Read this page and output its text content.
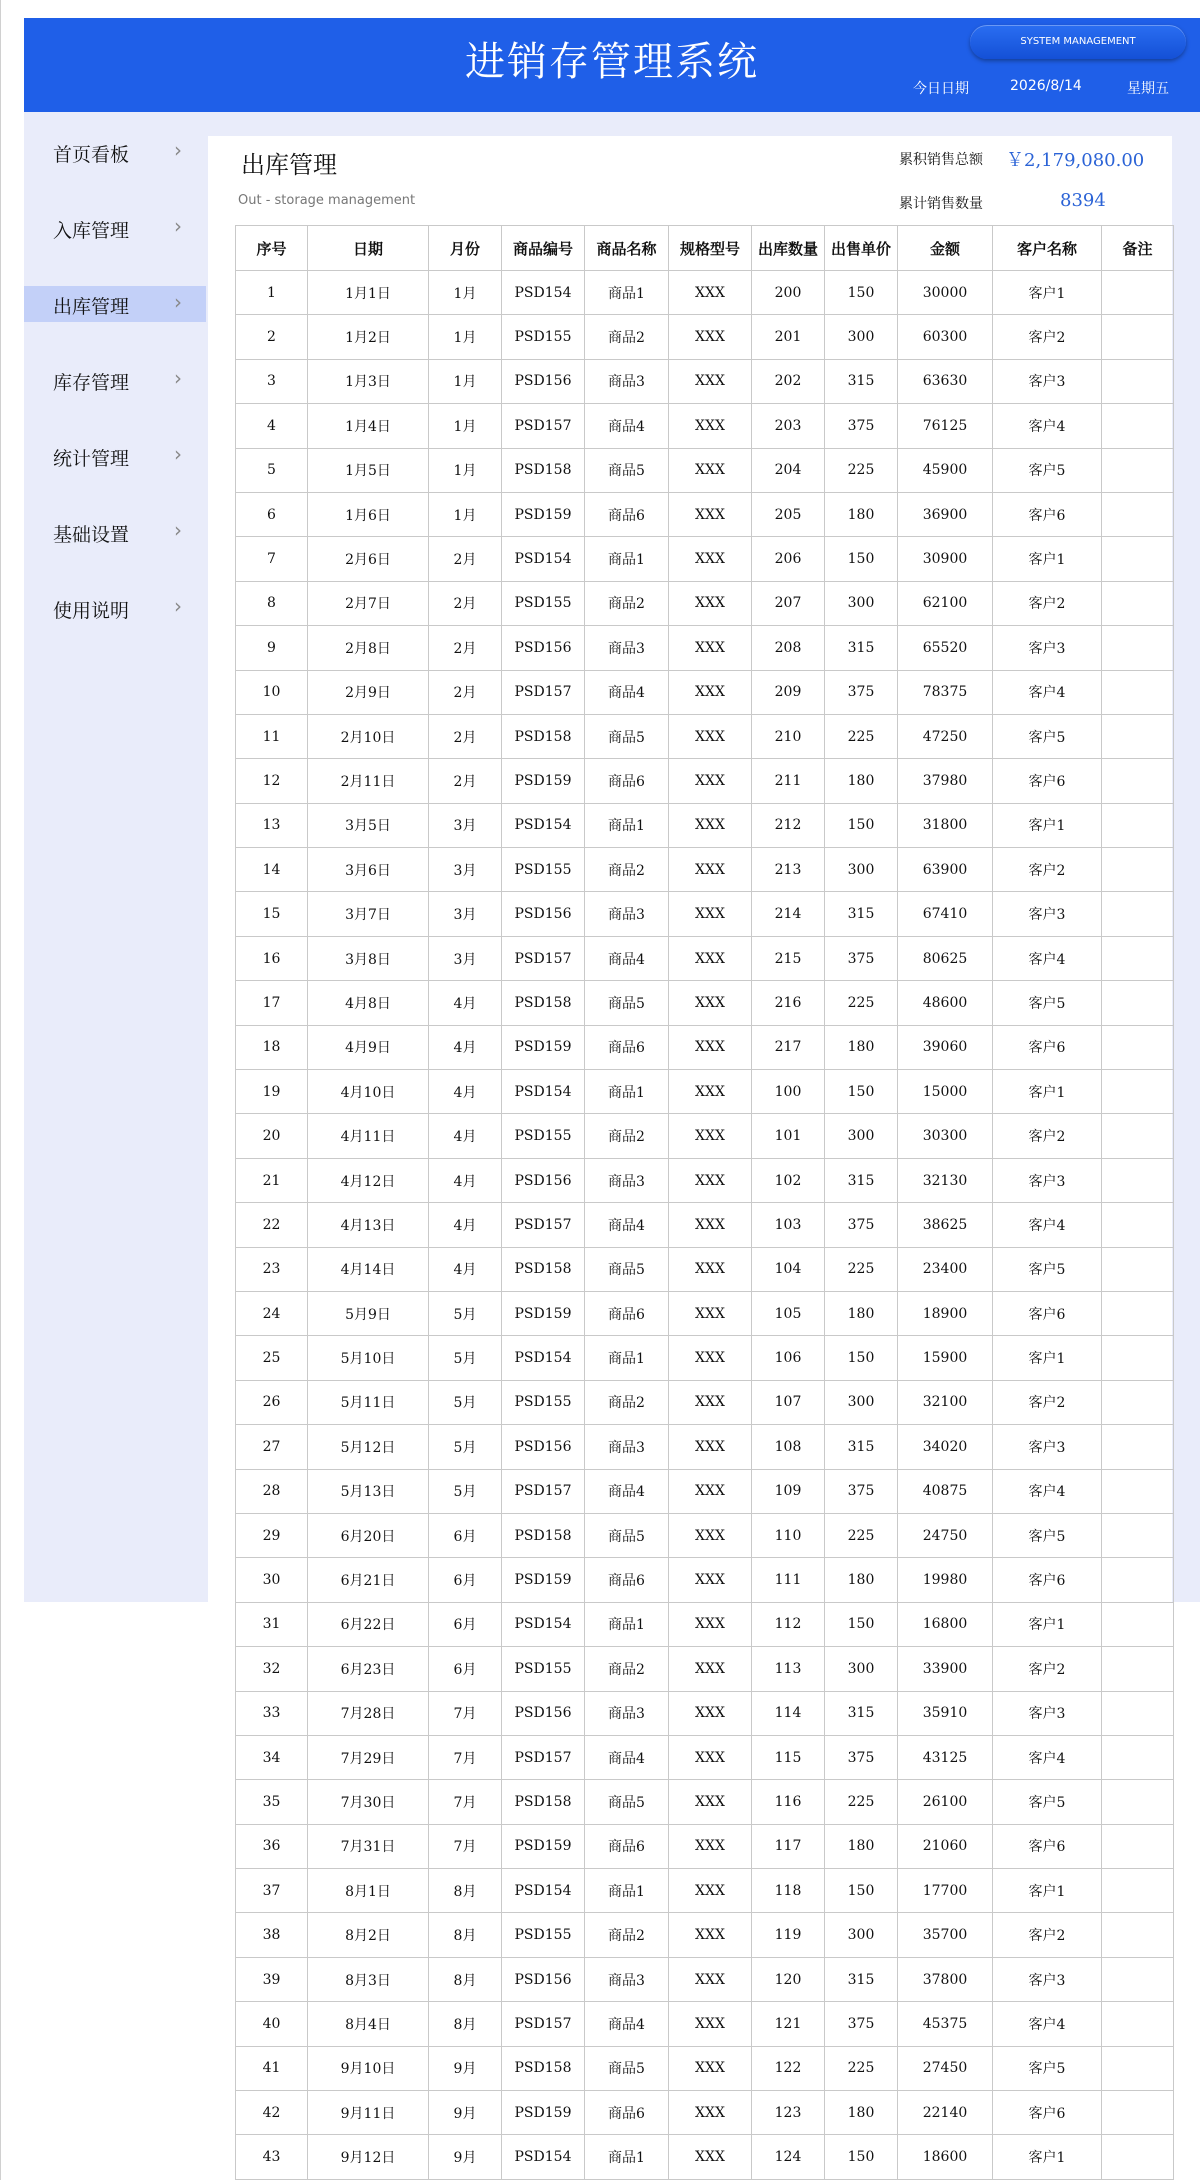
进销存管理系统	SYSTEM MANAGEMENT
今日日期	2026/8/14	星期五
首页看板 ›
入库管理 ›
出库管理 ›
库存管理 ›
统计管理 ›
基础设置 ›
使用说明 ›
出库管理
Out - storage management
累积销售总额 ￥2,179,080.00
累计销售数量	8394
序号	日期	月份	商品编号	商品名称	规格型号	出库数量	出售单价	金额	客户名称	备注
1	1月1日	1月	PSD154	商品1	XXX	200	150	30000	客户1	
2	1月2日	1月	PSD155	商品2	XXX	201	300	60300	客户2	
3	1月3日	1月	PSD156	商品3	XXX	202	315	63630	客户3	
4	1月4日	1月	PSD157	商品4	XXX	203	375	76125	客户4	
5	1月5日	1月	PSD158	商品5	XXX	204	225	45900	客户5	
6	1月6日	1月	PSD159	商品6	XXX	205	180	36900	客户6	
7	2月6日	2月	PSD154	商品1	XXX	206	150	30900	客户1	
8	2月7日	2月	PSD155	商品2	XXX	207	300	62100	客户2	
9	2月8日	2月	PSD156	商品3	XXX	208	315	65520	客户3	
10	2月9日	2月	PSD157	商品4	XXX	209	375	78375	客户4	
11	2月10日	2月	PSD158	商品5	XXX	210	225	47250	客户5	
12	2月11日	2月	PSD159	商品6	XXX	211	180	37980	客户6	
13	3月5日	3月	PSD154	商品1	XXX	212	150	31800	客户1	
14	3月6日	3月	PSD155	商品2	XXX	213	300	63900	客户2	
15	3月7日	3月	PSD156	商品3	XXX	214	315	67410	客户3	
16	3月8日	3月	PSD157	商品4	XXX	215	375	80625	客户4	
17	4月8日	4月	PSD158	商品5	XXX	216	225	48600	客户5	
18	4月9日	4月	PSD159	商品6	XXX	217	180	39060	客户6	
19	4月10日	4月	PSD154	商品1	XXX	100	150	15000	客户1	
20	4月11日	4月	PSD155	商品2	XXX	101	300	30300	客户2	
21	4月12日	4月	PSD156	商品3	XXX	102	315	32130	客户3	
22	4月13日	4月	PSD157	商品4	XXX	103	375	38625	客户4	
23	4月14日	4月	PSD158	商品5	XXX	104	225	23400	客户5	
24	5月9日	5月	PSD159	商品6	XXX	105	180	18900	客户6	
25	5月10日	5月	PSD154	商品1	XXX	106	150	15900	客户1	
26	5月11日	5月	PSD155	商品2	XXX	107	300	32100	客户2	
27	5月12日	5月	PSD156	商品3	XXX	108	315	34020	客户3	
28	5月13日	5月	PSD157	商品4	XXX	109	375	40875	客户4	
29	6月20日	6月	PSD158	商品5	XXX	110	225	24750	客户5	
30	6月21日	6月	PSD159	商品6	XXX	111	180	19980	客户6	
31	6月22日	6月	PSD154	商品1	XXX	112	150	16800	客户1	
32	6月23日	6月	PSD155	商品2	XXX	113	300	33900	客户2	
33	7月28日	7月	PSD156	商品3	XXX	114	315	35910	客户3	
34	7月29日	7月	PSD157	商品4	XXX	115	375	43125	客户4	
35	7月30日	7月	PSD158	商品5	XXX	116	225	26100	客户5	
36	7月31日	7月	PSD159	商品6	XXX	117	180	21060	客户6	
37	8月1日	8月	PSD154	商品1	XXX	118	150	17700	客户1	
38	8月2日	8月	PSD155	商品2	XXX	119	300	35700	客户2	
39	8月3日	8月	PSD156	商品3	XXX	120	315	37800	客户3	
40	8月4日	8月	PSD157	商品4	XXX	121	375	45375	客户4	
41	9月10日	9月	PSD158	商品5	XXX	122	225	27450	客户5	
42	9月11日	9月	PSD159	商品6	XXX	123	180	22140	客户6	
43	9月12日	9月	PSD154	商品1	XXX	124	150	18600	客户1	
